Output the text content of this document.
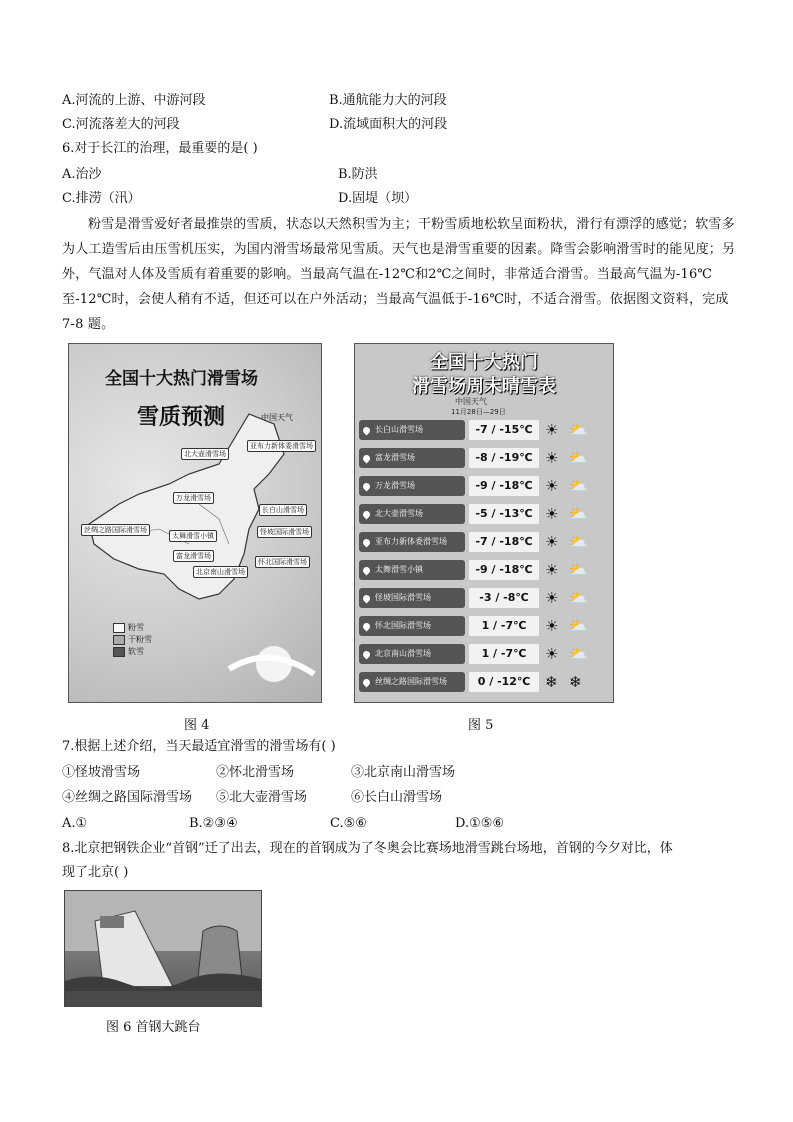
A.河流的上游、中游河段	B.通航能力大的河段
C.河流落差大的河段	D.流域面积大的河段
6.对于长江的治理，最重要的是( )
A.治沙	B.防洪
C.排涝（汛）	D.固堤（坝）
粉雪是滑雪爱好者最推崇的雪质，状态以天然积雪为主；干粉雪质地松软呈面粉状，滑行有漂浮的感觉；软雪多为人工造雪后由压雪机压实，为国内滑雪场最常见雪质。天气也是滑雪重要的因素。降雪会影响滑雪时的能见度；另外，气温对人体及雪质有着重要的影响。当最高气温在-12℃和2℃之间时，非常适合滑雪。当最高气温为-16℃至-12℃时，会使人稍有不适，但还可以在户外活动；当最高气温低于-16℃时，不适合滑雪。依据图文资料，完成 7-8 题。
全国十大热门滑雪场
雪质预测	中国天气
亚布力新体委滑雪场
北大壶滑雪场
万龙滑雪场
长白山滑雪场
丝绸之路国际滑雪场	怪坡国际滑雪场
太舞滑雪小镇
富龙滑雪场
北京南山滑雪场
怀北国际滑雪场
粉雪
干粉雪
软雪
图 4
全国十大热门
滑雪场周末晴雪表
中国天气
11月28日—29日
长白山滑雪场	-7 / -15℃ ☀ ⛅
富龙滑雪场	-8 / -19℃ ☀ ⛅
万龙滑雪场	-9 / -18℃ ☀ ⛅
北大壶滑雪场	-5 / -13℃ ☀ ⛅
亚布力新体委滑雪场	-7 / -18℃ ☀ ⛅
太舞滑雪小镇	-9 / -18℃ ☀ ⛅
怪坡国际滑雪场	-3 / -8℃	☀ ⛅
怀北国际滑雪场	1 / -7℃	☀ ⛅
北京南山滑雪场	1 / -7℃	☀ ⛅
丝绸之路国际滑雪场	0 / -12℃ ❄ ❄
图 5
7.根据上述介绍，当天最适宜滑雪的滑雪场有( )
①怪坡滑雪场	②怀北滑雪场	③北京南山滑雪场
④丝绸之路国际滑雪场 ⑤北大壶滑雪场	⑥长白山滑雪场
A.①	B.②③④	C.⑤⑥	D.①⑤⑥
8.北京把钢铁企业“首钢”迁了出去，现在的首钢成为了冬奥会比赛场地滑雪跳台场地，首钢的今夕对比，体
现了北京( )
图 6 首钢大跳台
